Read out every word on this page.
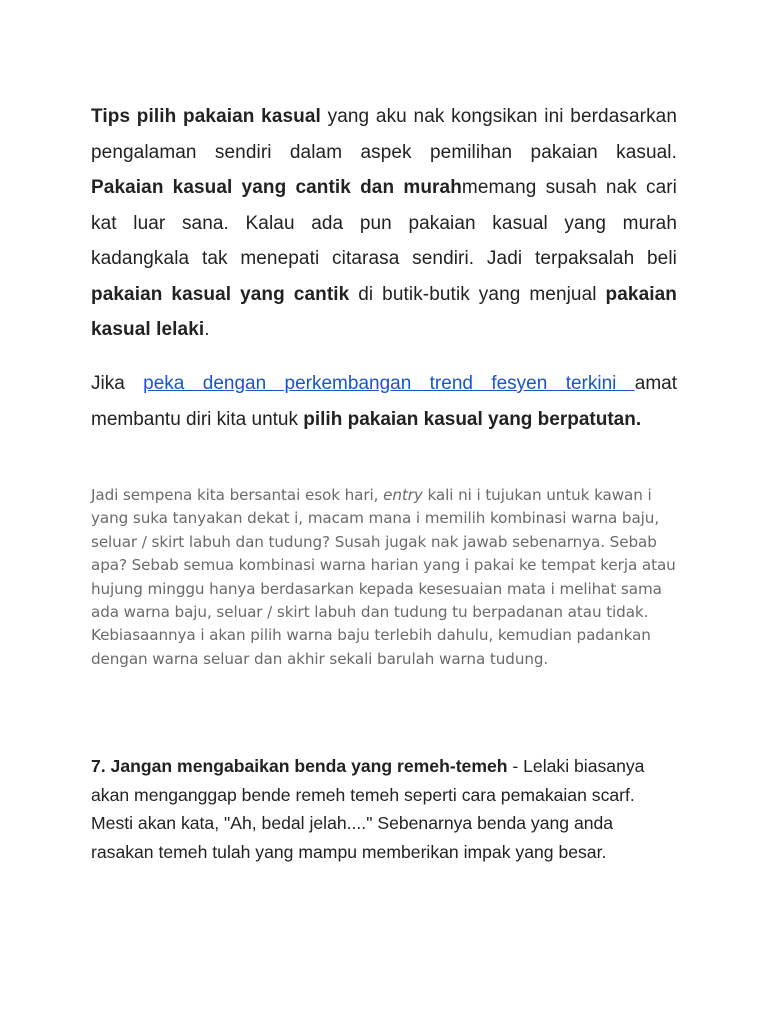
Tips pilih pakaian kasual yang aku nak kongsikan ini berdasarkan pengalaman sendiri dalam aspek pemilihan pakaian kasual. Pakaian kasual yang cantik dan murahmemang susah nak cari kat luar sana. Kalau ada pun pakaian kasual yang murah kadangkala tak menepati citarasa sendiri. Jadi terpaksalah beli pakaian kasual yang cantik di butik-butik yang menjual pakaian kasual lelaki.

Jika peka dengan perkembangan trend fesyen terkini amat membantu diri kita untuk pilih pakaian kasual yang berpatutan.

Jadi sempena kita bersantai esok hari, entry kali ni i tujukan untuk kawan i yang suka tanyakan dekat i, macam mana i memilih kombinasi warna baju, seluar / skirt labuh dan tudung? Susah jugak nak jawab sebenarnya. Sebab apa? Sebab semua kombinasi warna harian yang i pakai ke tempat kerja atau hujung minggu hanya berdasarkan kepada kesesuaian mata i melihat sama ada warna baju, seluar / skirt labuh dan tudung tu berpadanan atau tidak. Kebiasaannya i akan pilih warna baju terlebih dahulu, kemudian padankan dengan warna seluar dan akhir sekali barulah warna tudung.

7. Jangan mengabaikan benda yang remeh-temeh - Lelaki biasanya akan menganggap bende remeh temeh seperti cara pemakaian scarf. Mesti akan kata, "Ah, bedal jelah...." Sebenarnya benda yang anda rasakan temeh tulah yang mampu memberikan impak yang besar.
